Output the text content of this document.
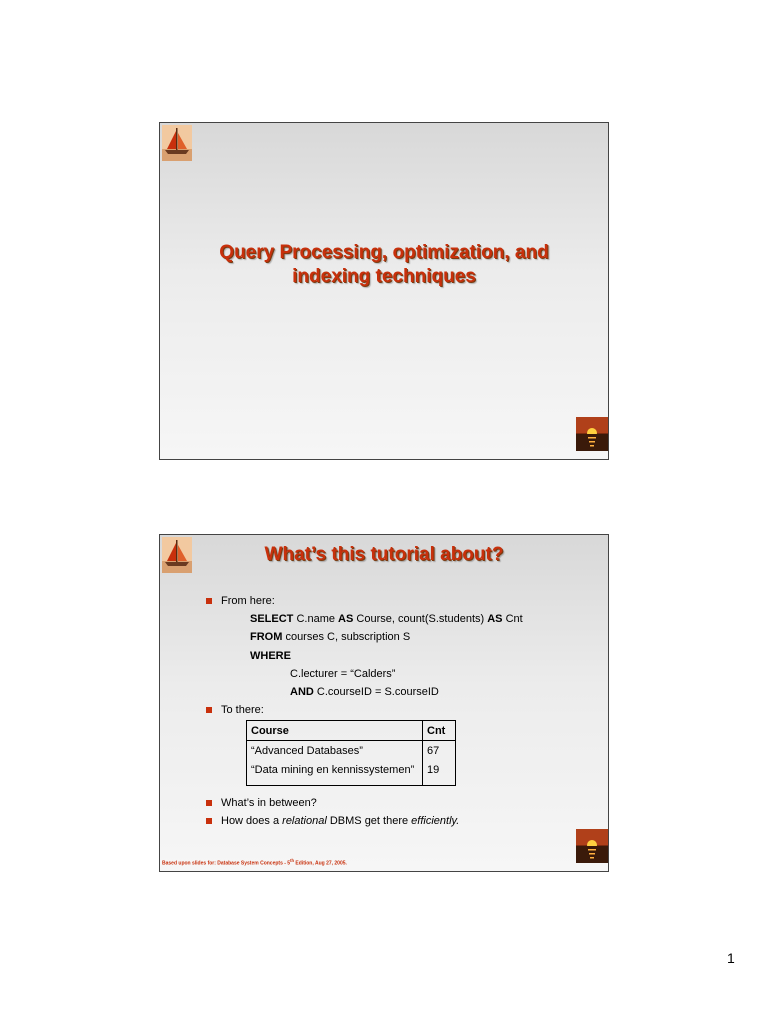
Query Processing, optimization, and
indexing techniques
What’s this tutorial about?
From here:
SELECT C.name AS Course, count(S.students) AS Cnt
FROM courses C, subscription S
WHERE
C.lecturer = “Calders”
AND C.courseID = S.courseID
To there:
Course	Cnt
“Advanced Databases”	67
“Data mining en kennissystemen”	19
What’s in between?
How does a relational DBMS get there efficiently.
Based upon slides for: Database System Concepts - 5th Edition, Aug 27, 2005.
1
